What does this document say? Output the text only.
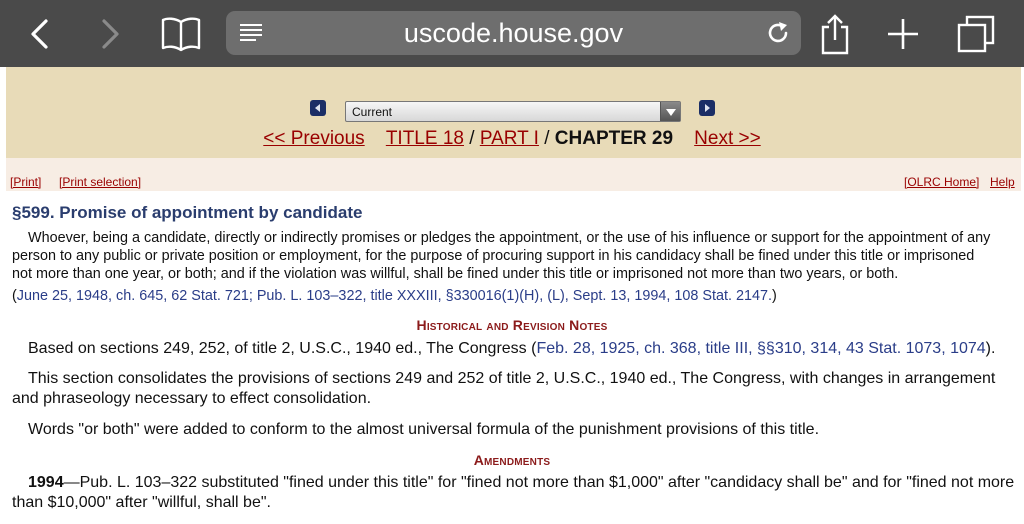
uscode.house.gov
Current
<< Previous TITLE 18 / PART I / CHAPTER 29 Next >>
[Print] [Print selection]	[OLRC Home] Help
§599. Promise of appointment by candidate
Whoever, being a candidate, directly or indirectly promises or pledges the appointment, or the use of his influence or support for the appointment of any
person to any public or private position or employment, for the purpose of procuring support in his candidacy shall be fined under this title or imprisoned
not more than one year, or both; and if the violation was willful, shall be fined under this title or imprisoned not more than two years, or both.
(June 25, 1948, ch. 645, 62 Stat. 721; Pub. L. 103–322, title XXXIII, §330016(1)(H), (L), Sept. 13, 1994, 108 Stat. 2147.)
Historical and Revision Notes
Based on sections 249, 252, of title 2, U.S.C., 1940 ed., The Congress (Feb. 28, 1925, ch. 368, title III, §§310, 314, 43 Stat. 1073, 1074).
This section consolidates the provisions of sections 249 and 252 of title 2, U.S.C., 1940 ed., The Congress, with changes in arrangement
and phraseology necessary to effect consolidation.
Words "or both" were added to conform to the almost universal formula of the punishment provisions of this title.
Amendments
1994—Pub. L. 103–322 substituted "fined under this title" for "fined not more than $1,000" after "candidacy shall be" and for "fined not more
than $10,000" after "willful, shall be".
